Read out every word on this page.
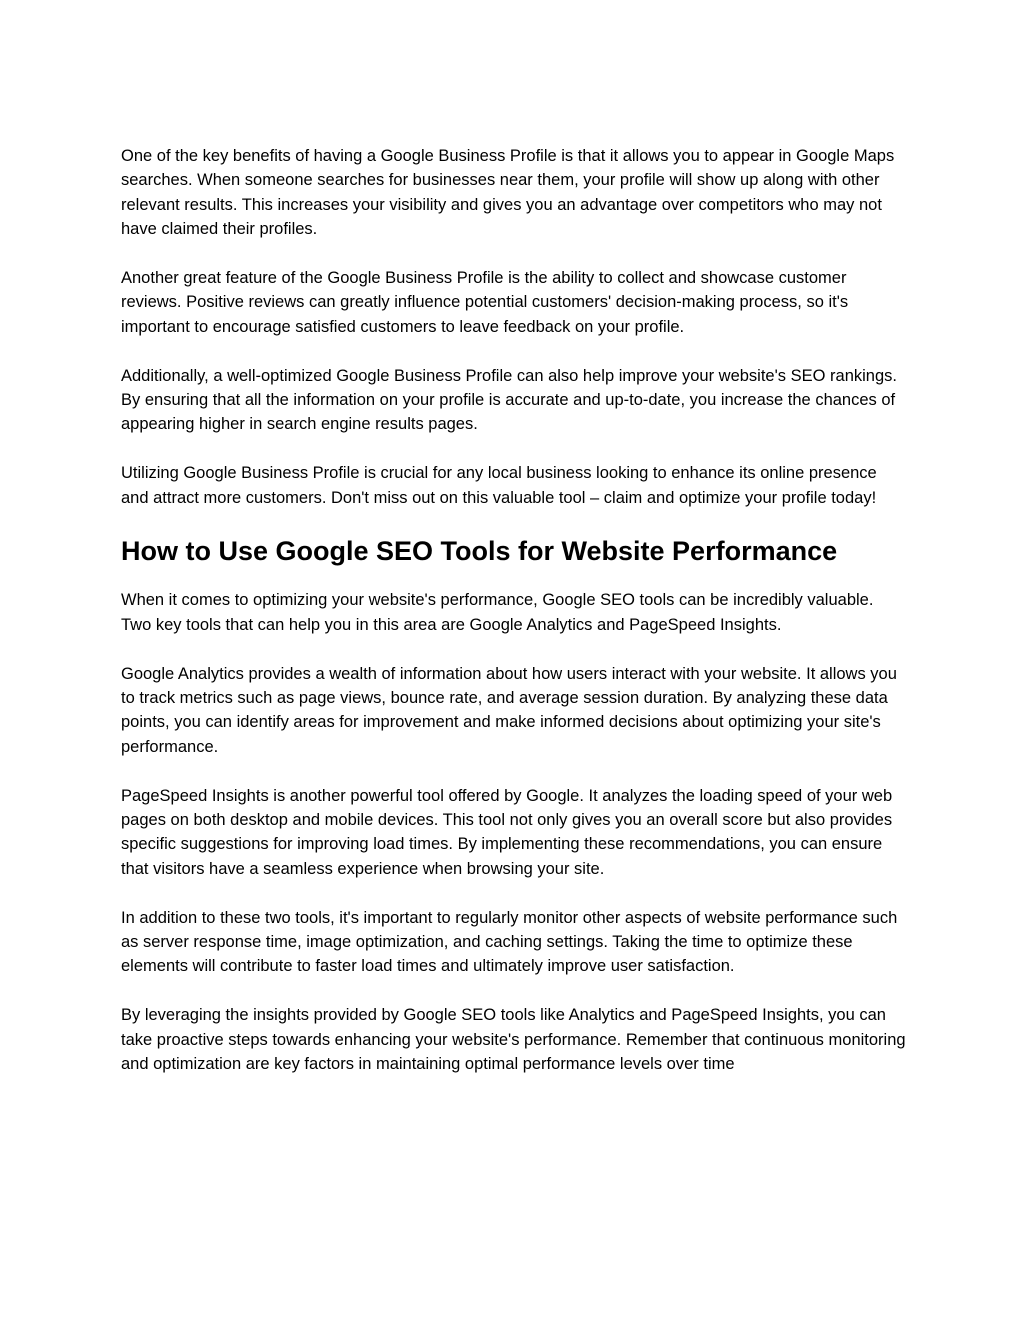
One of the key benefits of having a Google Business Profile is that it allows you to appear in Google Maps searches. When someone searches for businesses near them, your profile will show up along with other relevant results. This increases your visibility and gives you an advantage over competitors who may not have claimed their profiles.

Another great feature of the Google Business Profile is the ability to collect and showcase customer reviews. Positive reviews can greatly influence potential customers' decision-making process, so it's important to encourage satisfied customers to leave feedback on your profile.

Additionally, a well-optimized Google Business Profile can also help improve your website's SEO rankings. By ensuring that all the information on your profile is accurate and up-to-date, you increase the chances of appearing higher in search engine results pages.

Utilizing Google Business Profile is crucial for any local business looking to enhance its online presence and attract more customers. Don't miss out on this valuable tool – claim and optimize your profile today!

How to Use Google SEO Tools for Website Performance

When it comes to optimizing your website's performance, Google SEO tools can be incredibly valuable. Two key tools that can help you in this area are Google Analytics and PageSpeed Insights.

Google Analytics provides a wealth of information about how users interact with your website. It allows you to track metrics such as page views, bounce rate, and average session duration. By analyzing these data points, you can identify areas for improvement and make informed decisions about optimizing your site's performance.

PageSpeed Insights is another powerful tool offered by Google. It analyzes the loading speed of your web pages on both desktop and mobile devices. This tool not only gives you an overall score but also provides specific suggestions for improving load times. By implementing these recommendations, you can ensure that visitors have a seamless experience when browsing your site.

In addition to these two tools, it's important to regularly monitor other aspects of website performance such as server response time, image optimization, and caching settings. Taking the time to optimize these elements will contribute to faster load times and ultimately improve user satisfaction.

By leveraging the insights provided by Google SEO tools like Analytics and PageSpeed Insights, you can take proactive steps towards enhancing your website's performance. Remember that continuous monitoring and optimization are key factors in maintaining optimal performance levels over time
